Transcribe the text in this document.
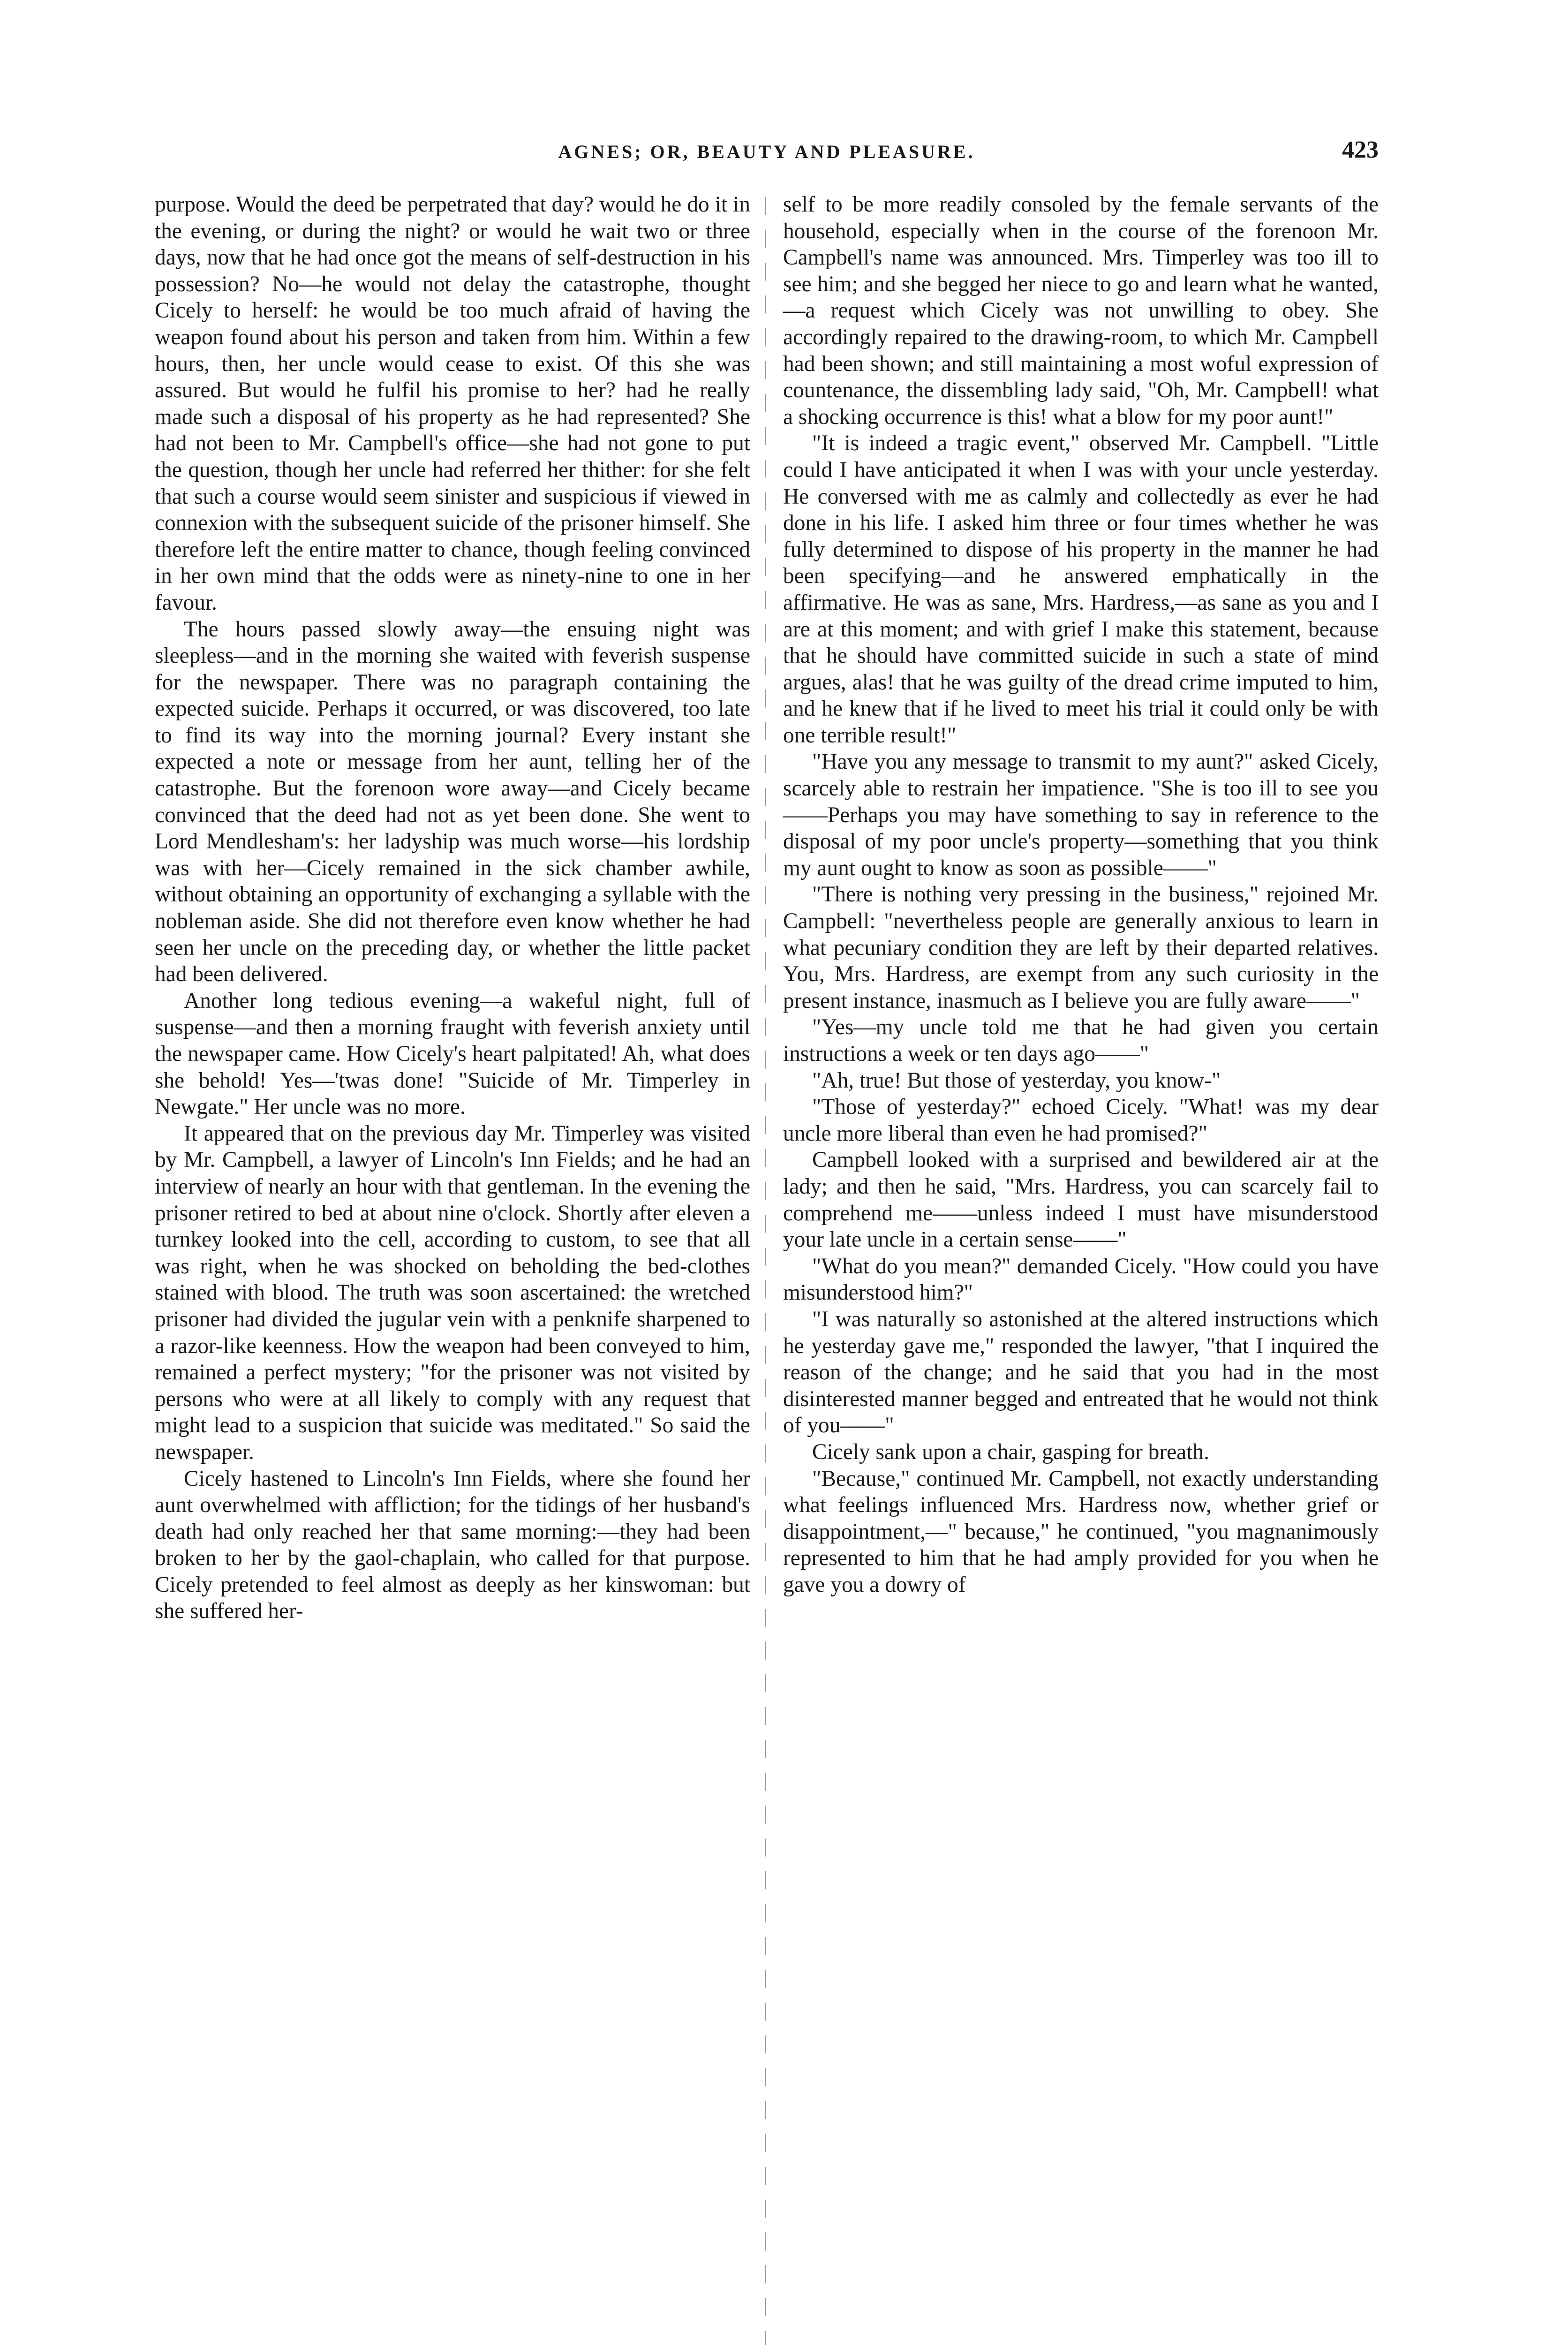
AGNES; OR, BEAUTY AND PLEASURE.	423

purpose. Would the deed be perpetrated that day? would he do it in the evening, or during the night? or would he wait two or three days, now that he had once got the means of self-destruction in his possession? No—he would not delay the catastrophe, thought Cicely to herself: he would be too much afraid of having the weapon found about his person and taken from him. Within a few hours, then, her uncle would cease to exist. Of this she was assured. But would he fulfil his promise to her? had he really made such a disposal of his property as he had represented? She had not been to Mr. Campbell's office—she had not gone to put the question, though her uncle had referred her thither: for she felt that such a course would seem sinister and suspicious if viewed in connexion with the subsequent suicide of the prisoner himself. She therefore left the entire matter to chance, though feeling convinced in her own mind that the odds were as ninety-nine to one in her favour.

The hours passed slowly away—the ensuing night was sleepless—and in the morning she waited with feverish suspense for the newspaper. There was no paragraph containing the expected suicide. Perhaps it occurred, or was discovered, too late to find its way into the morning journal? Every instant she expected a note or message from her aunt, telling her of the catastrophe. But the forenoon wore away—and Cicely became convinced that the deed had not as yet been done. She went to Lord Mendlesham's: her ladyship was much worse—his lordship was with her—Cicely remained in the sick chamber awhile, without obtaining an opportunity of exchanging a syllable with the nobleman aside. She did not therefore even know whether he had seen her uncle on the preceding day, or whether the little packet had been delivered.

Another long tedious evening—a wakeful night, full of suspense—and then a morning fraught with feverish anxiety until the newspaper came. How Cicely's heart palpitated! Ah, what does she behold! Yes—'twas done! "Suicide of Mr. Timperley in Newgate." Her uncle was no more.

It appeared that on the previous day Mr. Timperley was visited by Mr. Campbell, a lawyer of Lincoln's Inn Fields; and he had an interview of nearly an hour with that gentleman. In the evening the prisoner retired to bed at about nine o'clock. Shortly after eleven a turnkey looked into the cell, according to custom, to see that all was right, when he was shocked on beholding the bed-clothes stained with blood. The truth was soon ascertained: the wretched prisoner had divided the jugular vein with a penknife sharpened to a razor-like keenness. How the weapon had been conveyed to him, remained a perfect mystery; "for the prisoner was not visited by persons who were at all likely to comply with any request that might lead to a suspicion that suicide was meditated." So said the newspaper.

Cicely hastened to Lincoln's Inn Fields, where she found her aunt overwhelmed with affliction; for the tidings of her husband's death had only reached her that same morning:—they had been broken to her by the gaol-chaplain, who called for that purpose. Cicely pretended to feel almost as deeply as her kinswoman: but she suffered her-

self to be more readily consoled by the female servants of the household, especially when in the course of the forenoon Mr. Campbell's name was announced. Mrs. Timperley was too ill to see him; and she begged her niece to go and learn what he wanted,—a request which Cicely was not unwilling to obey. She accordingly repaired to the drawing-room, to which Mr. Campbell had been shown; and still maintaining a most woful expression of countenance, the dissembling lady said, "Oh, Mr. Campbell! what a shocking occurrence is this! what a blow for my poor aunt!"

"It is indeed a tragic event," observed Mr. Campbell. "Little could I have anticipated it when I was with your uncle yesterday. He conversed with me as calmly and collectedly as ever he had done in his life. I asked him three or four times whether he was fully determined to dispose of his property in the manner he had been specifying—and he answered emphatically in the affirmative. He was as sane, Mrs. Hardress,—as sane as you and I are at this moment; and with grief I make this statement, because that he should have committed suicide in such a state of mind argues, alas! that he was guilty of the dread crime imputed to him, and he knew that if he lived to meet his trial it could only be with one terrible result!"

"Have you any message to transmit to my aunt?" asked Cicely, scarcely able to restrain her impatience. "She is too ill to see you——Perhaps you may have something to say in reference to the disposal of my poor uncle's property—something that you think my aunt ought to know as soon as possible——"

"There is nothing very pressing in the business," rejoined Mr. Campbell: "nevertheless people are generally anxious to learn in what pecuniary condition they are left by their departed relatives. You, Mrs. Hardress, are exempt from any such curiosity in the present instance, inasmuch as I believe you are fully aware——"

"Yes—my uncle told me that he had given you certain instructions a week or ten days ago——"

"Ah, true! But those of yesterday, you know-"

"Those of yesterday?" echoed Cicely. "What! was my dear uncle more liberal than even he had promised?"

Campbell looked with a surprised and bewildered air at the lady; and then he said, "Mrs. Hardress, you can scarcely fail to comprehend me——unless indeed I must have misunderstood your late uncle in a certain sense——"

"What do you mean?" demanded Cicely. "How could you have misunderstood him?"

"I was naturally so astonished at the altered instructions which he yesterday gave me," responded the lawyer, "that I inquired the reason of the change; and he said that you had in the most disinterested manner begged and entreated that he would not think of you——"

Cicely sank upon a chair, gasping for breath.

"Because," continued Mr. Campbell, not exactly understanding what feelings influenced Mrs. Hardress now, whether grief or disappointment,—" because," he continued, "you magnanimously represented to him that he had amply provided for you when he gave you a dowry of
